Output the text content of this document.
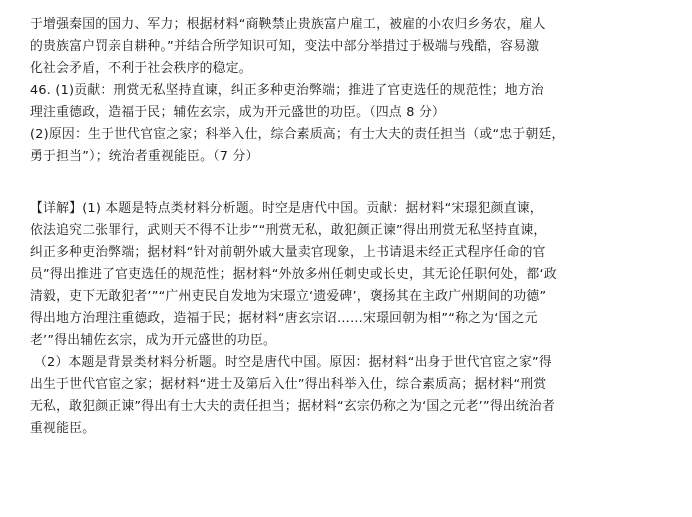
于增强秦国的国力、军力；根据材料“商鞅禁止贵族富户雇工，被雇的小农归乡务农，雇人
的贵族富户罚亲自耕种。”并结合所学知识可知，变法中部分举措过于极端与残酷，容易激
化社会矛盾，不利于社会秩序的稳定。
46. (1)贡献：刑赏无私坚持直谏，纠正多种吏治弊端；推进了官吏选任的规范性；地方治
理注重德政，造福于民；辅佐玄宗，成为开元盛世的功臣。（四点 8 分）
(2)原因：生于世代官宦之家；科举入仕，综合素质高；有士大夫的责任担当（或“忠于朝廷，
勇于担当”）；统治者重视能臣。（7 分）
【详解】(1) 本题是特点类材料分析题。时空是唐代中国。贡献：据材料“宋璟犯颜直谏，
依法追究二张罪行，武则天不得不让步”“刑赏无私，敢犯颜正谏”得出刑赏无私坚持直谏，
纠正多种吏治弊端；据材料“针对前朝外戚大量卖官现象，上书请退未经正式程序任命的官
员”得出推进了官吏选任的规范性；据材料“外放多州任刺史或长史，其无论任职何处，都‘政
清毅，吏下无敢犯者’”“广州吏民自发地为宋璟立‘遗爱碑’，褒扬其在主政广州期间的功德”
得出地方治理注重德政，造福于民；据材料“唐玄宗诏……宋璟回朝为相”“称之为‘国之元
老’”得出辅佐玄宗，成为开元盛世的功臣。
（2）本题是背景类材料分析题。时空是唐代中国。原因：据材料“出身于世代官宦之家”得
出生于世代官宦之家；据材料“进士及第后入仕”得出科举入仕，综合素质高；据材料“刑赏
无私，敢犯颜正谏”得出有士大夫的责任担当；据材料“玄宗仍称之为‘国之元老’”得出统治者
重视能臣。
